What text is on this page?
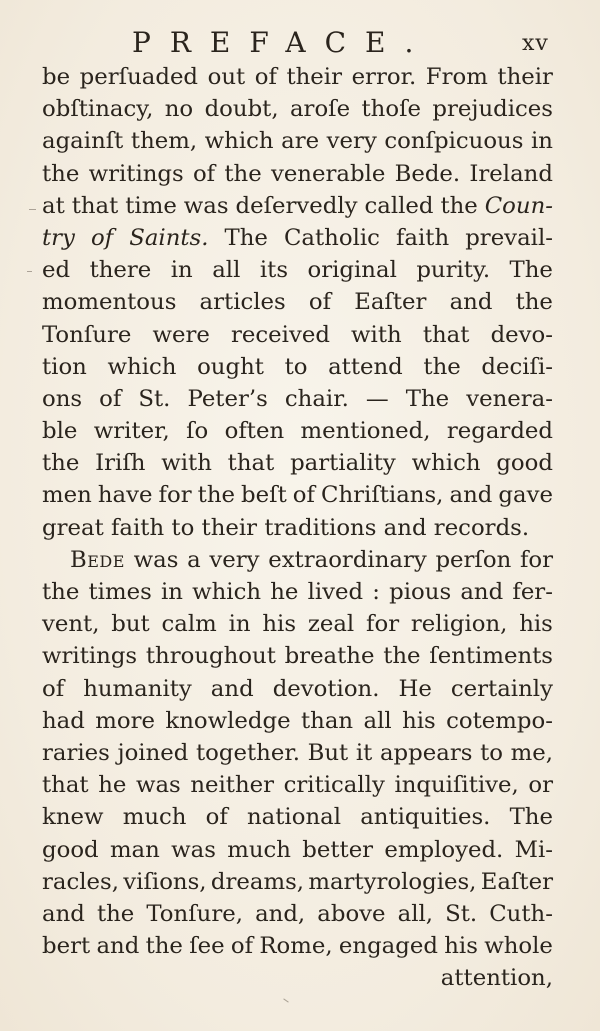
PREFACE.	xv
be perſuaded out of their error. From their
obſtinacy, no doubt, aroſe thoſe prejudices
againſt them, which are very conſpicuous in
the writings of the venerable Bede. Ireland
at that time was deſervedly called the Coun-
try of Saints. The Catholic faith prevail-
ed there in all its original purity. The
momentous articles of Eaſter and the
Tonſure were received with that devo-
tion which ought to attend the deciſi-
ons of St. Peter’s chair. — The venera-
ble writer, ſo often mentioned, regarded
the Iriſh with that partiality which good
men have for the beſt of Chriſtians, and gave
great
faith
to
their
traditions
and
records.
Bede was a very extraordinary perſon for
the times in which he lived : pious and fer-
vent, but calm in his zeal for religion, his
writings throughout breathe the ſentiments
of humanity and devotion. He certainly
had more knowledge than all his cotempo-
raries joined together. But it appears to me,
that he was neither critically inquiſitive, or
knew much of national antiquities. The
good man was much better employed. Mi-
racles, viſions, dreams, martyrologies, Eaſter
and the Tonſure, and, above all, St. Cuth-
bert and the ſee of Rome, engaged his whole
attention,
